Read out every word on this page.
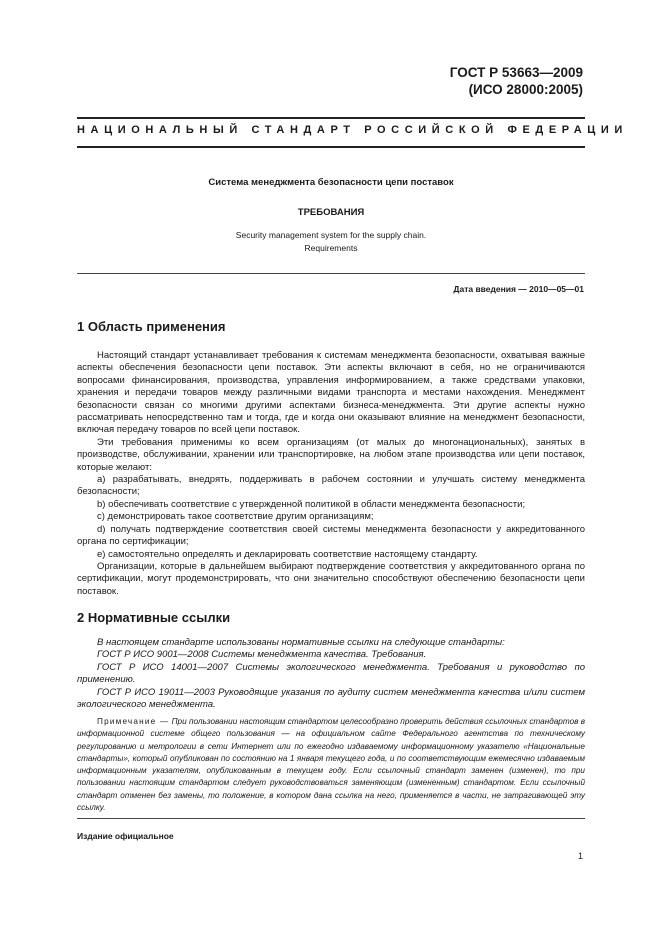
ГОСТ Р 53663—2009
(ИСО 28000:2005)
НАЦИОНАЛЬНЫЙ СТАНДАРТ РОССИЙСКОЙ ФЕДЕРАЦИИ
Система менеджмента безопасности цепи поставок
ТРЕБОВАНИЯ
Security management system for the supply chain.
Requirements
Дата введения — 2010—05—01
1 Область применения

Настоящий стандарт устанавливает требования к системам менеджмента безопасности, охватывая важные аспекты обеспечения безопасности цепи поставок. Эти аспекты включают в себя, но не ограничиваются вопросами финансирования, производства, управления информированием, а также средствами упаковки, хранения и передачи товаров между различными видами транспорта и местами нахождения. Менеджмент безопасности связан со многими другими аспектами бизнеса-менеджмента. Эти другие аспекты нужно рассматривать непосредственно там и тогда, где и когда они оказывают влияние на менеджмент безопасности, включая передачу товаров по всей цепи поставок.

Эти требования применимы ко всем организациям (от малых до многонациональных), занятых в производстве, обслуживании, хранении или транспортировке, на любом этапе производства или цепи поставок, которые желают:

а) разрабатывать, внедрять, поддерживать в рабочем состоянии и улучшать систему менеджмента безопасности;

b) обеспечивать соответствие с утвержденной политикой в области менеджмента безопасности;

с) демонстрировать такое соответствие другим организациям;

d) получать подтверждение соответствия своей системы менеджмента безопасности у аккредитованного органа по сертификации;

е) самостоятельно определять и декларировать соответствие настоящему стандарту.

Организации, которые в дальнейшем выбирают подтверждение соответствия у аккредитованного органа по сертификации, могут продемонстрировать, что они значительно способствуют обеспечению безопасности цепи поставок.

2 Нормативные ссылки

В настоящем стандарте использованы нормативные ссылки на следующие стандарты:

ГОСТ Р ИСО 9001—2008 Системы менеджмента качества. Требования.

ГОСТ Р ИСО 14001—2007 Системы экологического менеджмента. Требования и руководство по применению.

ГОСТ Р ИСО 19011—2003 Руководящие указания по аудиту систем менеджмента качества и/или систем экологического менеджмента.

Примечание — При пользовании настоящим стандартом целесообразно проверить действия ссылочных стандартов в информационной системе общего пользования — на официальном сайте Федерального агентства по техническому регулированию и метрологии в сети Интернет или по ежегодно издаваемому информационному указателю «Национальные стандарты», который опубликован по состоянию на 1 января текущего года, и по соответствующим ежемесячно издаваемым информационным указателям, опубликованным в текущем году. Если ссылочный стандарт заменен (изменен), то при пользовании настоящим стандартом следует руководствоваться заменяющим (измененным) стандартом. Если ссылочный стандарт отменен без замены, то положение, в котором дана ссылка на него, применяется в части, не затрагивающей эту ссылку.
Издание официальное
1
